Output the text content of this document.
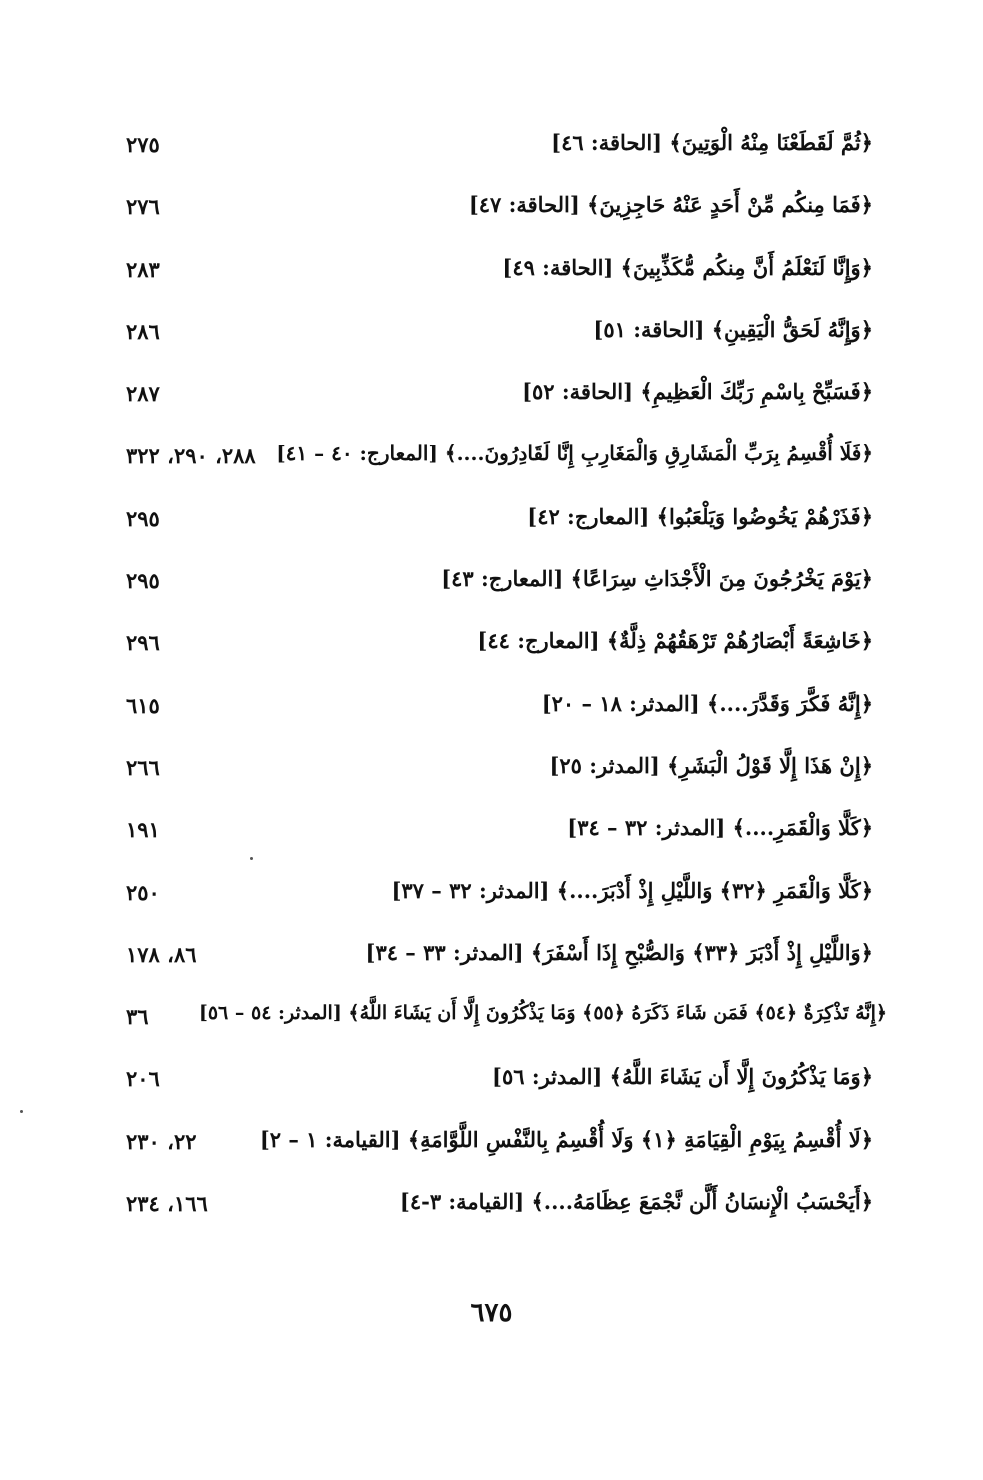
﴿ثُمَّ لَقَطَعْنَا مِنْهُ الْوَتِينَ﴾ [الحاقة: ٤٦]
٢٧٥
﴿فَمَا مِنكُم مِّنْ أَحَدٍ عَنْهُ حَاجِزِينَ﴾ [الحاقة: ٤٧]
٢٧٦
﴿وَإِنَّا لَنَعْلَمُ أَنَّ مِنكُم مُّكَذِّبِينَ﴾ [الحاقة: ٤٩]
٢٨٣
﴿وَإِنَّهُ لَحَقُّ الْيَقِينِ﴾ [الحاقة: ٥١]
٢٨٦
﴿فَسَبِّحْ بِاسْمِ رَبِّكَ الْعَظِيمِ﴾ [الحاقة: ٥٢]
٢٨٧
﴿فَلَا أُقْسِمُ بِرَبِّ الْمَشَارِقِ وَالْمَغَارِبِ إِنَّا لَقَادِرُونَ....﴾ [المعارج: ٤٠ – ٤١]
٢٨٨، ٢٩٠، ٣٢٢
﴿فَذَرْهُمْ يَخُوضُوا وَيَلْعَبُوا﴾ [المعارج: ٤٢]
٢٩٥
﴿يَوْمَ يَخْرُجُونَ مِنَ الْأَجْدَاثِ سِرَاعًا﴾ [المعارج: ٤٣]
٢٩٥
﴿خَاشِعَةً أَبْصَارُهُمْ تَرْهَقُهُمْ ذِلَّةٌ﴾ [المعارج: ٤٤]
٢٩٦
﴿إِنَّهُ فَكَّرَ وَقَدَّرَ....﴾ [المدثر: ١٨ – ٢٠]
٦١٥
﴿إِنْ هَذَا إِلَّا قَوْلُ الْبَشَرِ﴾ [المدثر: ٢٥]
٢٦٦
﴿كَلَّا وَالْقَمَرِ....﴾ [المدثر: ٣٢ – ٣٤]
١٩١
﴿كَلَّا وَالْقَمَرِ ﴿٣٢﴾ وَاللَّيْلِ إِذْ أَدْبَرَ....﴾ [المدثر: ٣٢ – ٣٧]
٢٥٠
﴿وَاللَّيْلِ إِذْ أَدْبَرَ ﴿٣٣﴾ وَالصُّبْحِ إِذَا أَسْفَرَ﴾ [المدثر: ٣٣ – ٣٤]
٨٦، ١٧٨
﴿إِنَّهُ تَذْكِرَةٌ ﴿٥٤﴾ فَمَن شَاءَ ذَكَرَهُ ﴿٥٥﴾ وَمَا يَذْكُرُونَ إِلَّا أَن يَشَاءَ اللَّهُ﴾ [المدثر: ٥٤ – ٥٦]
٣٦
﴿وَمَا يَذْكُرُونَ إِلَّا أَن يَشَاءَ اللَّهُ﴾ [المدثر: ٥٦]
٢٠٦
﴿لَا أُقْسِمُ بِيَوْمِ الْقِيَامَةِ ﴿١﴾ وَلَا أُقْسِمُ بِالنَّفْسِ اللَّوَّامَةِ﴾ [القيامة: ١ – ٢]
٢٢، ٢٣٠
﴿أَيَحْسَبُ الْإِنسَانُ أَلَّن نَّجْمَعَ عِظَامَهُ....﴾ [القيامة: ٣-٤]
١٦٦، ٢٣٤
٦٧٥
